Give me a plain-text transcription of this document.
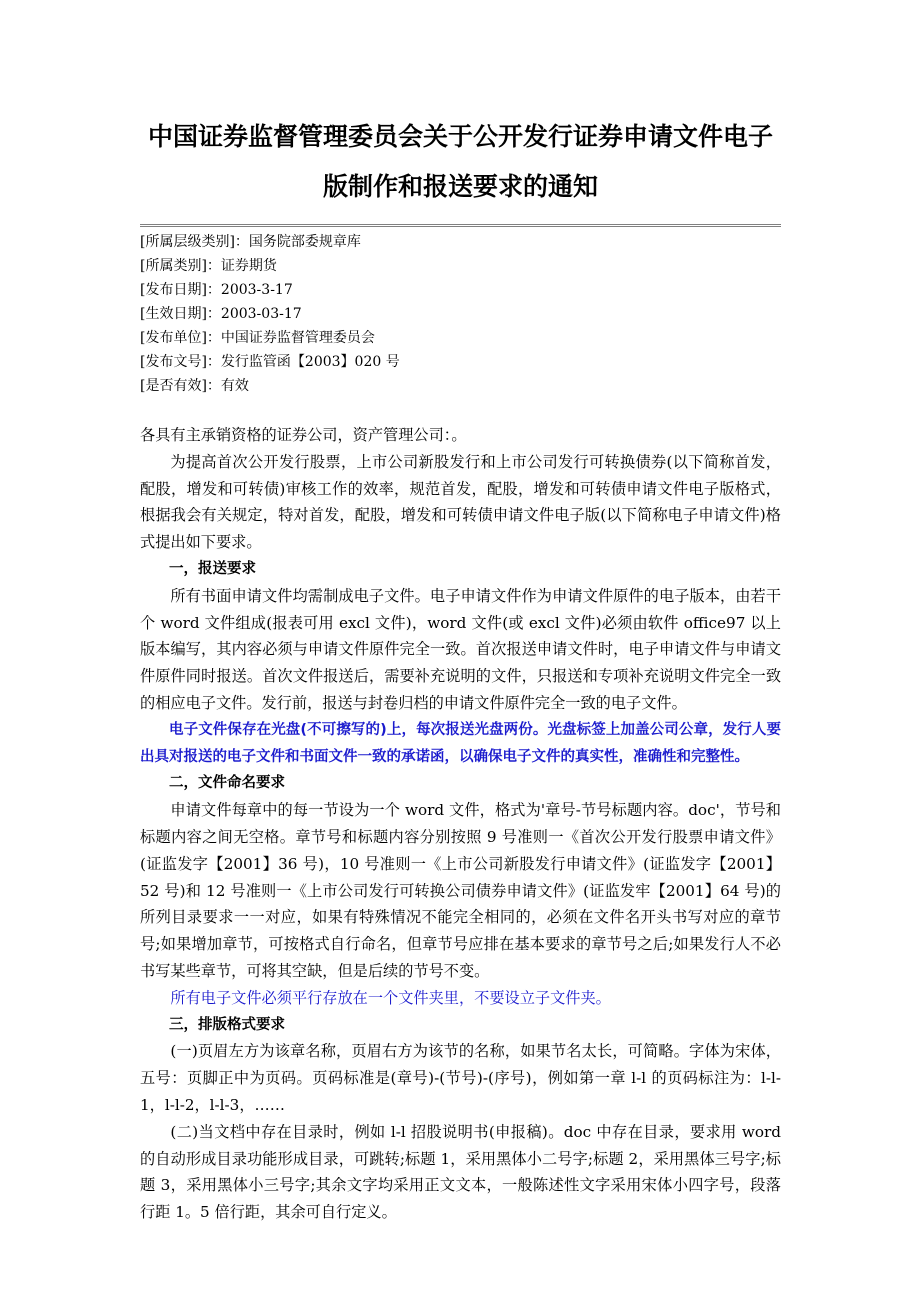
中国证券监督管理委员会关于公开发行证券申请文件电子
版制作和报送要求的通知
[所属层级类别]：国务院部委规章库
[所属类别]：证券期货
[发布日期]：2003-3-17
[生效日期]：2003-03-17
[发布单位]：中国证券监督管理委员会
[发布文号]：发行监管函【2003】020 号
[是否有效]：有效

各具有主承销资格的证券公司，资产管理公司：。

为提高首次公开发行股票，上市公司新股发行和上市公司发行可转换债券(以下简称首发，配股，增发和可转债)审核工作的效率，规范首发，配股，增发和可转债申请文件电子版格式，根据我会有关规定，特对首发，配股，增发和可转债申请文件电子版(以下简称电子申请文件)格式提出如下要求。

一，报送要求

所有书面申请文件均需制成电子文件。电子申请文件作为申请文件原件的电子版本，由若干个 word 文件组成(报表可用 excl 文件)，word 文件(或 excl 文件)必须由软件 office97 以上版本编写，其内容必须与申请文件原件完全一致。首次报送申请文件时，电子申请文件与申请文件原件同时报送。首次文件报送后，需要补充说明的文件，只报送和专项补充说明文件完全一致的相应电子文件。发行前，报送与封卷归档的申请文件原件完全一致的电子文件。

电子文件保存在光盘(不可擦写的)上，每次报送光盘两份。光盘标签上加盖公司公章，发行人要出具对报送的电子文件和书面文件一致的承诺函，以确保电子文件的真实性，准确性和完整性。

二，文件命名要求

申请文件每章中的每一节设为一个 word 文件，格式为'章号-节号标题内容。doc'，节号和标题内容之间无空格。章节号和标题内容分别按照 9 号准则一《首次公开发行股票申请文件》(证监发字【2001】36 号)，10 号准则一《上市公司新股发行申请文件》(证监发字【2001】52 号)和 12 号准则一《上市公司发行可转换公司债券申请文件》(证监发牢【2001】64 号)的所列目录要求一一对应，如果有特殊情况不能完全相同的，必须在文件名开头书写对应的章节号;如果增加章节，可按格式自行命名，但章节号应排在基本要求的章节号之后;如果发行人不必书写某些章节，可将其空缺，但是后续的节号不变。

所有电子文件必须平行存放在一个文件夹里，不要设立子文件夹。

三，排版格式要求

(一)页眉左方为该章名称，页眉右方为该节的名称，如果节名太长，可简略。字体为宋体，五号：页脚正中为页码。页码标准是(章号)-(节号)-(序号)，例如第一章 l-l 的页码标注为：l-l-1，l-l-2，l-l-3，……

(二)当文档中存在目录时，例如 l-l 招股说明书(申报稿)。doc 中存在目录，要求用 word 的自动形成目录功能形成目录，可跳转;标题 1，采用黑体小二号字;标题 2，采用黑体三号字;标题 3，采用黑体小三号字;其余文字均采用正文文本，一般陈述性文字采用宋体小四字号，段落行距 1。5 倍行距，其余可自行定义。
